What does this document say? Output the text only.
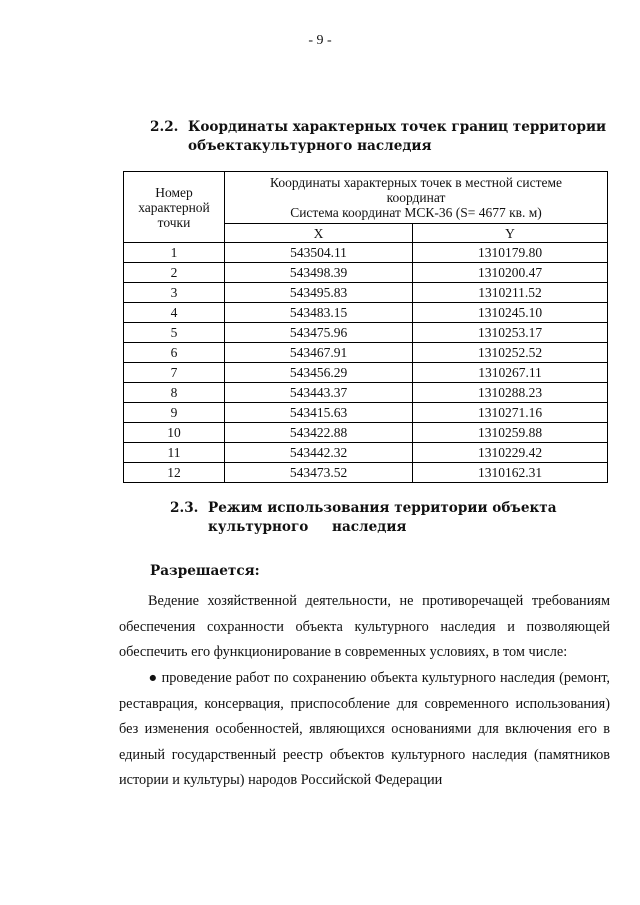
- 9 -
2.2. Координаты характерных точек границ территории объекта культурного наследия
Номер характерной точки	Координаты характерных точек в местной системе
координат
Система координат МСК-36 (S= 4677 кв. м)	
	X	Y
1	543504.11	1310179.80
2	543498.39	1310200.47
3	543495.83	1310211.52
4	543483.15	1310245.10
5	543475.96	1310253.17
6	543467.91	1310252.52
7	543456.29	1310267.11
8	543443.37	1310288.23
9	543415.63	1310271.16
10	543422.88	1310259.88
11	543442.32	1310229.42
12	543473.52	1310162.31
2.3. Режим использования территории объекта культурного	наследия
Разрешается:
Ведение хозяйственной деятельности, не противоречащей требованиям обеспечения сохранности объекта культурного наследия и позволяющей обеспечить его функционирование в современных условиях, в том числе:
● проведение работ по сохранению объекта культурного наследия (ремонт, реставрация, консервация, приспособление для современного использования) без изменения особенностей, являющихся основаниями для включения его в единый государственный реестр объектов культурного наследия (памятников истории и культуры) народов Российской Федерации
